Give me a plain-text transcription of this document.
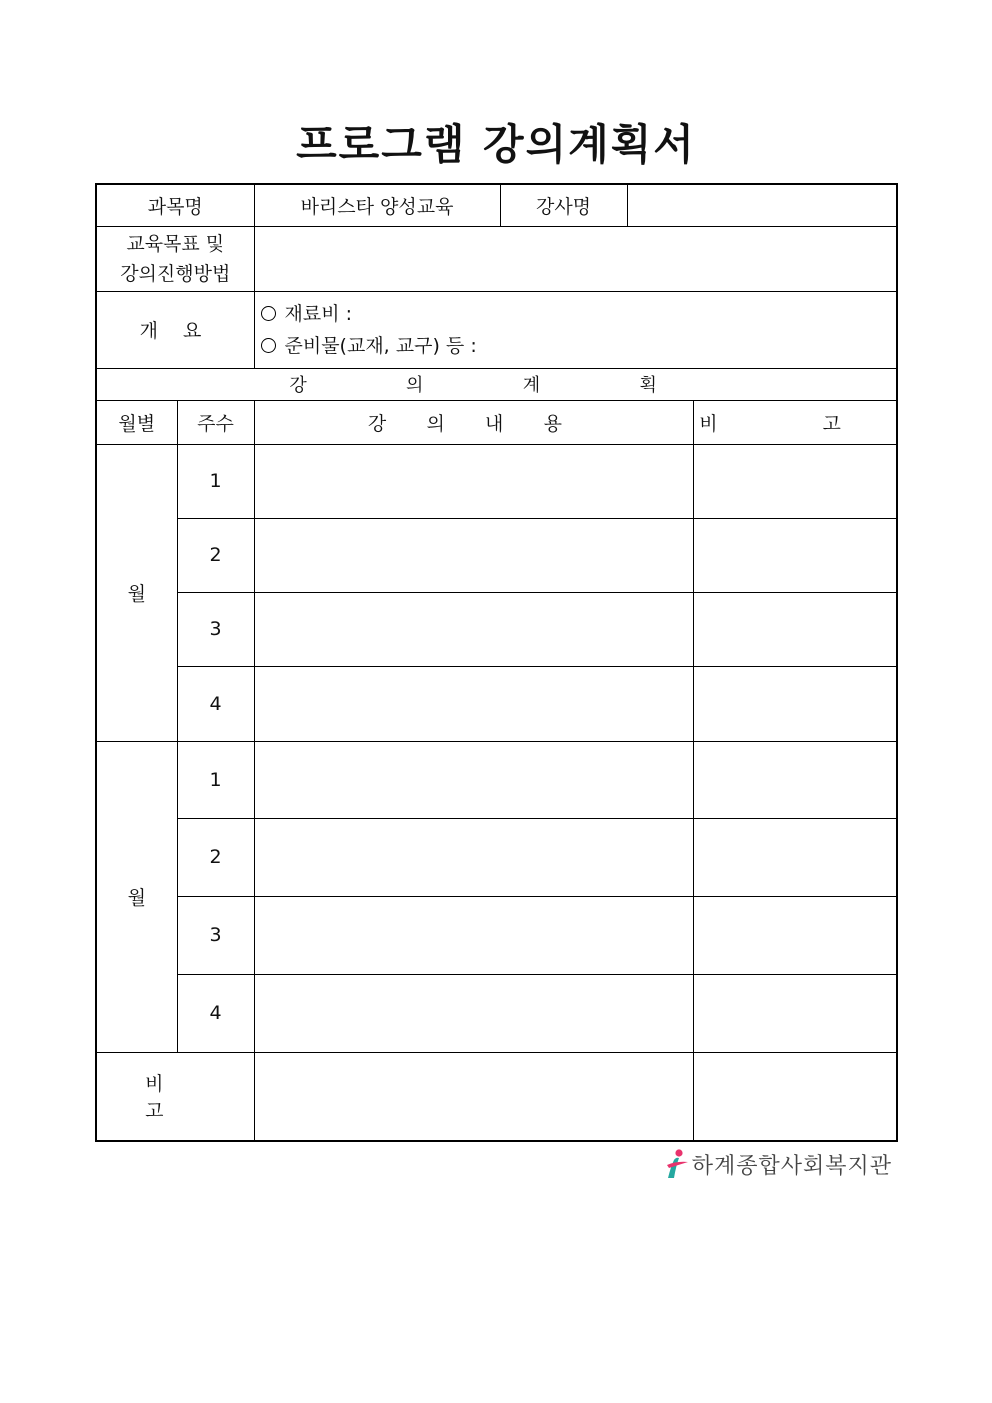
프로그램 강의계획서
과목명		바리스타 양성교육	강사명		

교육목표 및
강의진행방법					

개 요		재료비 :
준비물(교재, 교구) 등 :			

강 의 계 획					
월별	주수	강 의 내 용			비 고
월	1				
	2				
	3				
	4				
월	1				
	2				
	3				
	4				
비 고					
하계종합사회복지관
